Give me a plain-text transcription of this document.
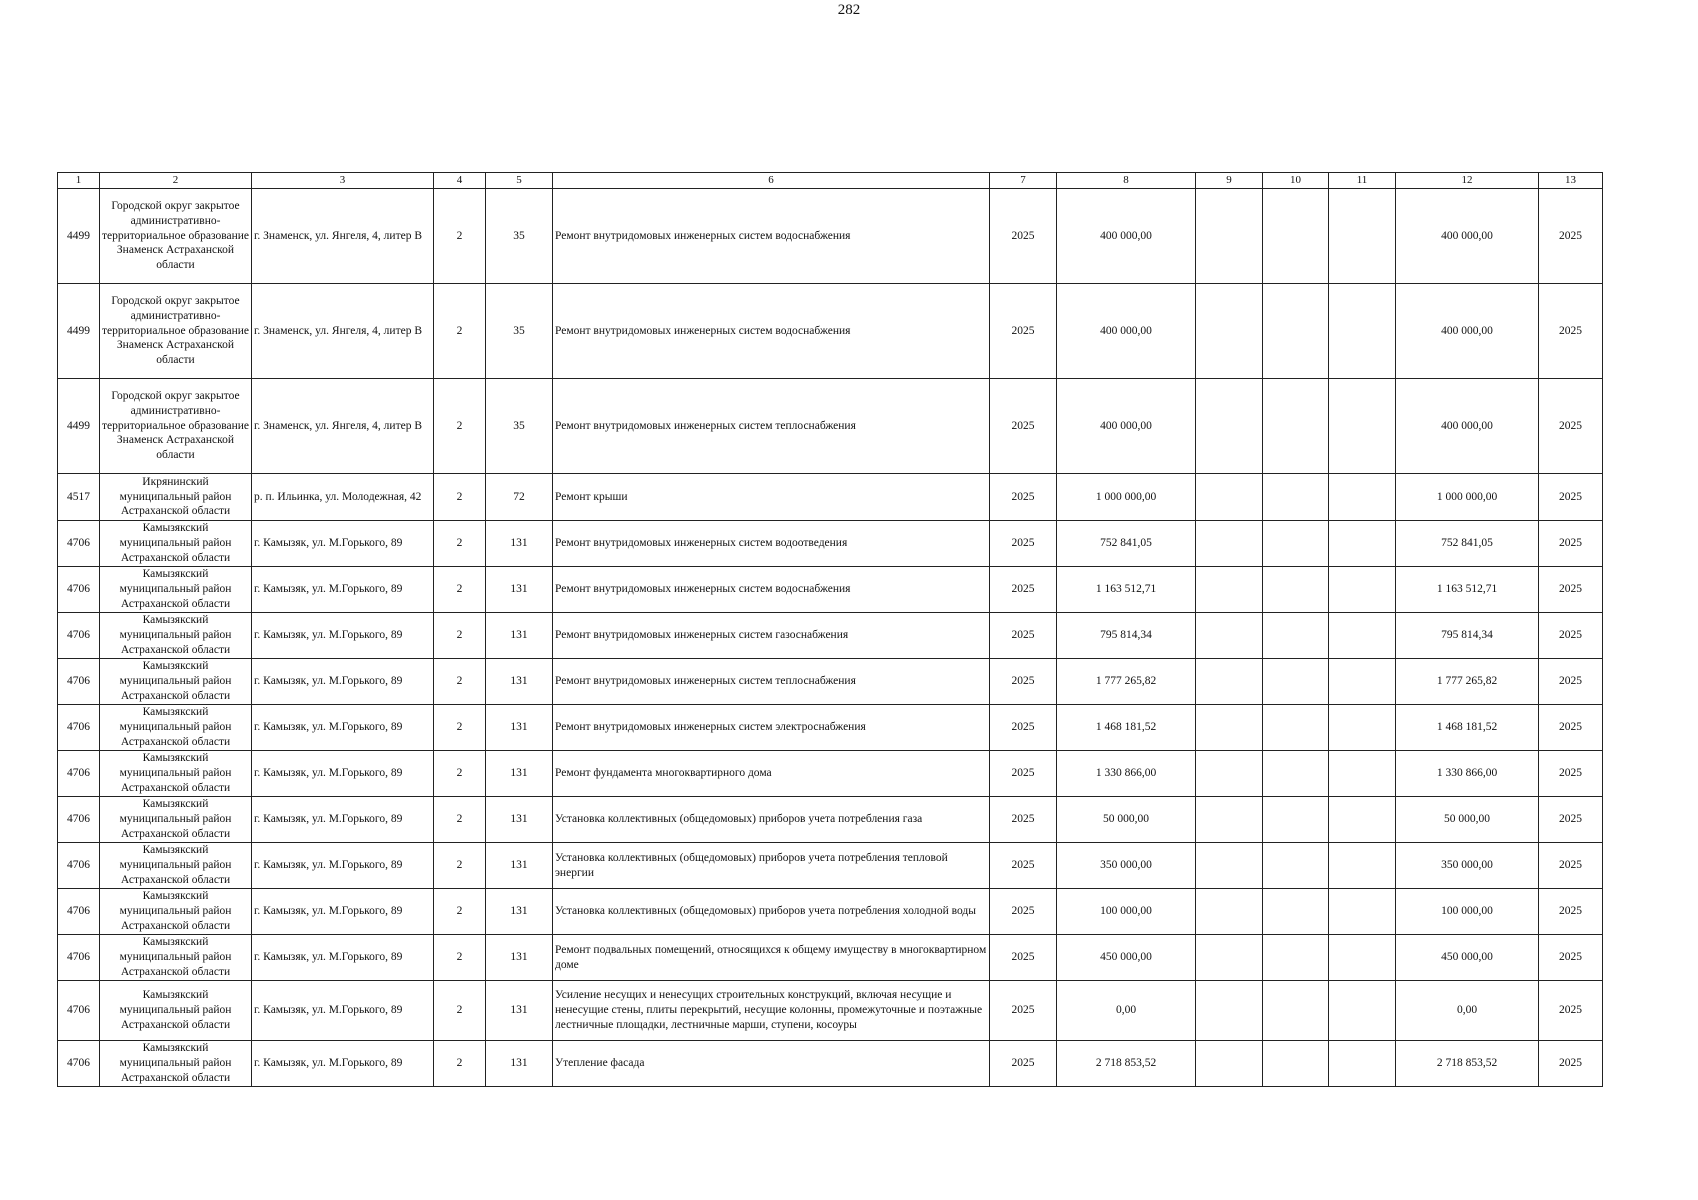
282
1	2	3	4	5	6	7	8	9	10	11	12	13
4499	Городской округ закрытое административно-территориальное образование Знаменск Астраханской области	г. Знаменск, ул. Янгеля, 4, литер В	2	35	Ремонт внутридомовых инженерных систем водоснабжения	2025	400 000,00				400 000,00	2025
4499	Городской округ закрытое административно-территориальное образование Знаменск Астраханской области	г. Знаменск, ул. Янгеля, 4, литер В	2	35	Ремонт внутридомовых инженерных систем водоснабжения	2025	400 000,00				400 000,00	2025
4499	Городской округ закрытое административно-территориальное образование Знаменск Астраханской области	г. Знаменск, ул. Янгеля, 4, литер В	2	35	Ремонт внутридомовых инженерных систем теплоснабжения	2025	400 000,00				400 000,00	2025
4517	Икрянинский муниципальный район Астраханской области	р. п. Ильинка, ул. Молодежная, 42	2	72	Ремонт крыши	2025	1 000 000,00				1 000 000,00	2025
4706	Камызякский муниципальный район Астраханской области	г. Камызяк, ул. М.Горького, 89	2	131	Ремонт внутридомовых инженерных систем водоотведения	2025	752 841,05				752 841,05	2025
4706	Камызякский муниципальный район Астраханской области	г. Камызяк, ул. М.Горького, 89	2	131	Ремонт внутридомовых инженерных систем водоснабжения	2025	1 163 512,71				1 163 512,71	2025
4706	Камызякский муниципальный район Астраханской области	г. Камызяк, ул. М.Горького, 89	2	131	Ремонт внутридомовых инженерных систем газоснабжения	2025	795 814,34				795 814,34	2025
4706	Камызякский муниципальный район Астраханской области	г. Камызяк, ул. М.Горького, 89	2	131	Ремонт внутридомовых инженерных систем теплоснабжения	2025	1 777 265,82				1 777 265,82	2025
4706	Камызякский муниципальный район Астраханской области	г. Камызяк, ул. М.Горького, 89	2	131	Ремонт внутридомовых инженерных систем электроснабжения	2025	1 468 181,52				1 468 181,52	2025
4706	Камызякский муниципальный район Астраханской области	г. Камызяк, ул. М.Горького, 89	2	131	Ремонт фундамента многоквартирного дома	2025	1 330 866,00				1 330 866,00	2025
4706	Камызякский муниципальный район Астраханской области	г. Камызяк, ул. М.Горького, 89	2	131	Установка коллективных (общедомовых) приборов учета потребления газа	2025	50 000,00				50 000,00	2025
4706	Камызякский муниципальный район Астраханской области	г. Камызяк, ул. М.Горького, 89	2	131	Установка коллективных (общедомовых) приборов учета потребления тепловой энергии	2025	350 000,00				350 000,00	2025
4706	Камызякский муниципальный район Астраханской области	г. Камызяк, ул. М.Горького, 89	2	131	Установка коллективных (общедомовых) приборов учета потребления холодной воды	2025	100 000,00				100 000,00	2025
4706	Камызякский муниципальный район Астраханской области	г. Камызяк, ул. М.Горького, 89	2	131	Ремонт подвальных помещений, относящихся к общему имуществу в многоквартирном доме	2025	450 000,00				450 000,00	2025
4706	Камызякский муниципальный район Астраханской области	г. Камызяк, ул. М.Горького, 89	2	131	Усиление несущих и ненесущих строительных конструкций, включая несущие и ненесущие стены, плиты перекрытий, несущие колонны, промежуточные и поэтажные лестничные площадки, лестничные марши, ступени, косоуры	2025	0,00				0,00	2025
4706	Камызякский муниципальный район Астраханской области	г. Камызяк, ул. М.Горького, 89	2	131	Утепление фасада	2025	2 718 853,52				2 718 853,52	2025
